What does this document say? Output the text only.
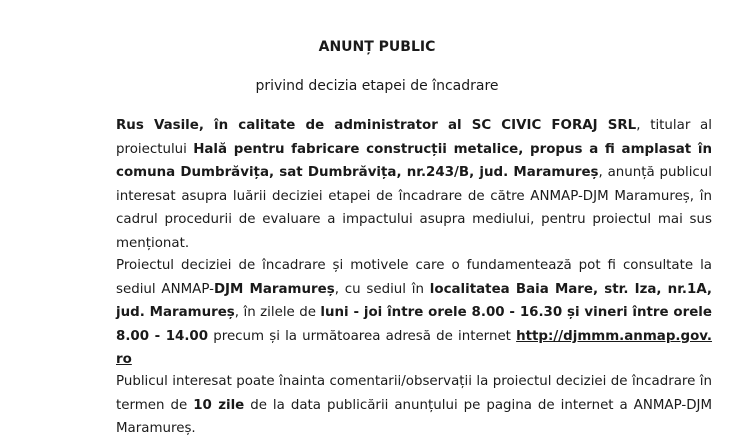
ANUNȚ PUBLIC
privind decizia etapei de încadrare

Rus Vasile, în calitate de administrator al SC CIVIC FORAJ SRL, titular al proiectului Hală pentru fabricare construcții metalice, propus a fi amplasat în comuna Dumbrăvița, sat Dumbrăvița, nr.243/B, jud. Maramureș, anunță publicul interesat asupra luării deciziei etapei de încadrare de către ANMAP-DJM Maramureș, în cadrul procedurii de evaluare a impactului asupra mediului, pentru proiectul mai sus menționat.

Proiectul deciziei de încadrare și motivele care o fundamentează pot fi consultate la sediul ANMAP-DJM Maramureș, cu sediul în localitatea Baia Mare, str. Iza, nr.1A, jud. Maramureș, în zilele de luni - joi între orele 8.00 - 16.30 și vineri între orele 8.00 - 14.00 precum și la următoarea adresă de internet http://djmmm.anmap.gov. ro

Publicul interesat poate înainta comentarii/observații la proiectul deciziei de încadrare în termen de 10 zile de la data publicării anunțului pe pagina de internet a ANMAP-DJM Maramureș.
